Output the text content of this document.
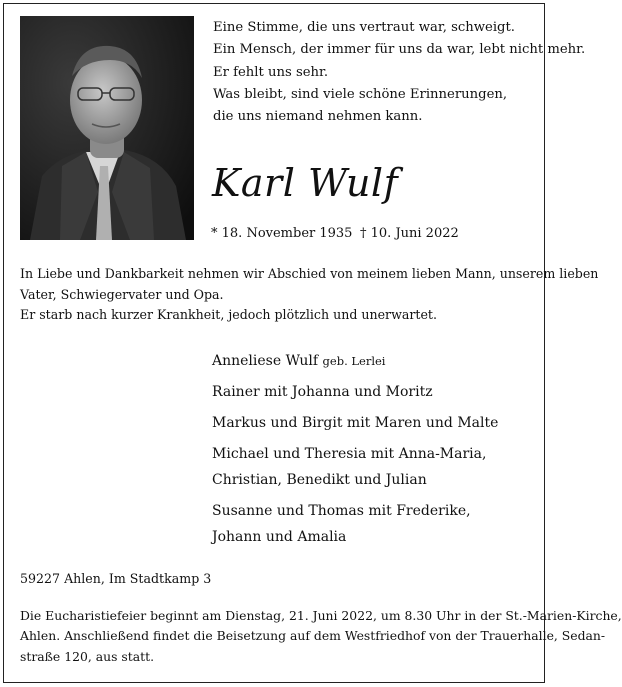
Eine Stimme, die uns vertraut war, schweigt.
Ein Mensch, der immer für uns da war, lebt nicht mehr.
Er fehlt uns sehr.
Was bleibt, sind viele schöne Erinnerungen,
die uns niemand nehmen kann.
Karl Wulf
* 18. November 1935 † 10. Juni 2022
In Liebe und Dankbarkeit nehmen wir Abschied von meinem lieben Mann, unserem lieben
Vater, Schwiegervater und Opa.
Er starb nach kurzer Krankheit, jedoch plötzlich und unerwartet.
Anneliese Wulf geb. Lerlei
Rainer mit Johanna und Moritz
Markus und Birgit mit Maren und Malte
Michael und Theresia mit Anna-Maria,
Christian, Benedikt und Julian
Susanne und Thomas mit Frederike,
Johann und Amalia
59227 Ahlen, Im Stadtkamp 3
Die Eucharistiefeier beginnt am Dienstag, 21. Juni 2022, um 8.30 Uhr in der St.-Marien-Kirche,
Ahlen. Anschließend findet die Beisetzung auf dem Westfriedhof von der Trauerhalle, Sedan-
straße 120, aus statt.
